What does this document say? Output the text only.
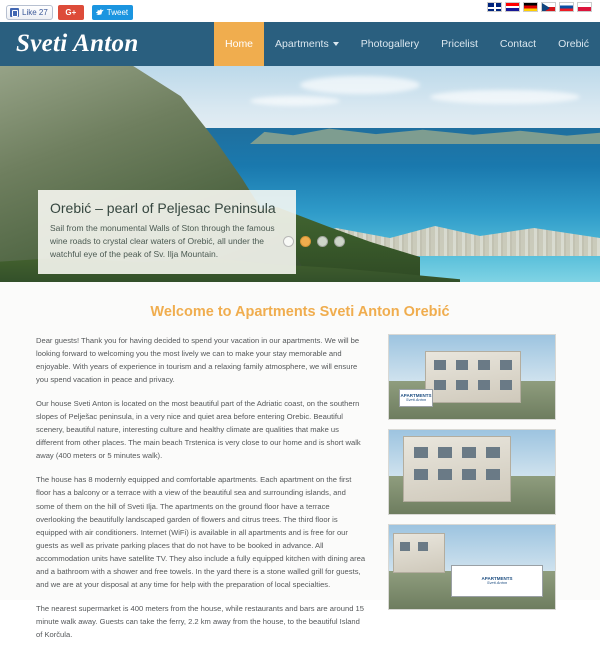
Like 27 G+	Tweet
Sveti Anton	Home Apartments	Photogallery Pricelist Contact Orebić
Orebić – pearl of Peljesac Peninsula

Sail from the monumental Walls of Ston through the famous wine roads to crystal clear waters of Orebić, all under the watchful eye of the peak of Sv. Ilja Mountain.

Welcome to Apartments Sveti Anton Orebić

Dear guests! Thank you for having decided to spend your vacation in our apartments. We will be looking forward to welcoming you the most lively we can to make your stay memorable and enjoyable. With years of experience in tourism and a relaxing family atmosphere, we will ensure you spend vacation in peace and privacy.

Our house Sveti Anton is located on the most beautiful part of the Adriatic coast, on the southern slopes of Pelješac peninsula, in a very nice and quiet area before entering Orebic. Beautiful scenery, beautiful nature, interesting culture and healthy climate are qualities that make us different from other places. The main beach Trstenica is very close to our home and is short walk away (400 meters or 5 minutes walk).

The house has 8 modernly equipped and comfortable apartments. Each apartment on the first floor has a balcony or a terrace with a view of the beautiful sea and surrounding islands, and some of them on the hill of Sveti Ilja. The apartments on the ground floor have a terrace overlooking the beautifully landscaped garden of flowers and citrus trees. The third floor is equipped with air conditioners. Internet (WiFi) is available in all apartments and is free for our guests as well as private parking places that do not have to be booked in advance. All accommodation units have satellite TV. They also include a fully equipped kitchen with dining area and a bathroom with a shower and free towels. In the yard there is a stone walled grill for guests, and we are at your disposal at any time for help with the preparation of local specialties.

The nearest supermarket is 400 meters from the house, while restaurants and bars are around 15 minute walk away. Guests can take the ferry, 2.2 km away from the house, to the beautiful Island of Korčula.

APARTMENTS
Sveti Anton
APARTMENTS
Sveti Anton
